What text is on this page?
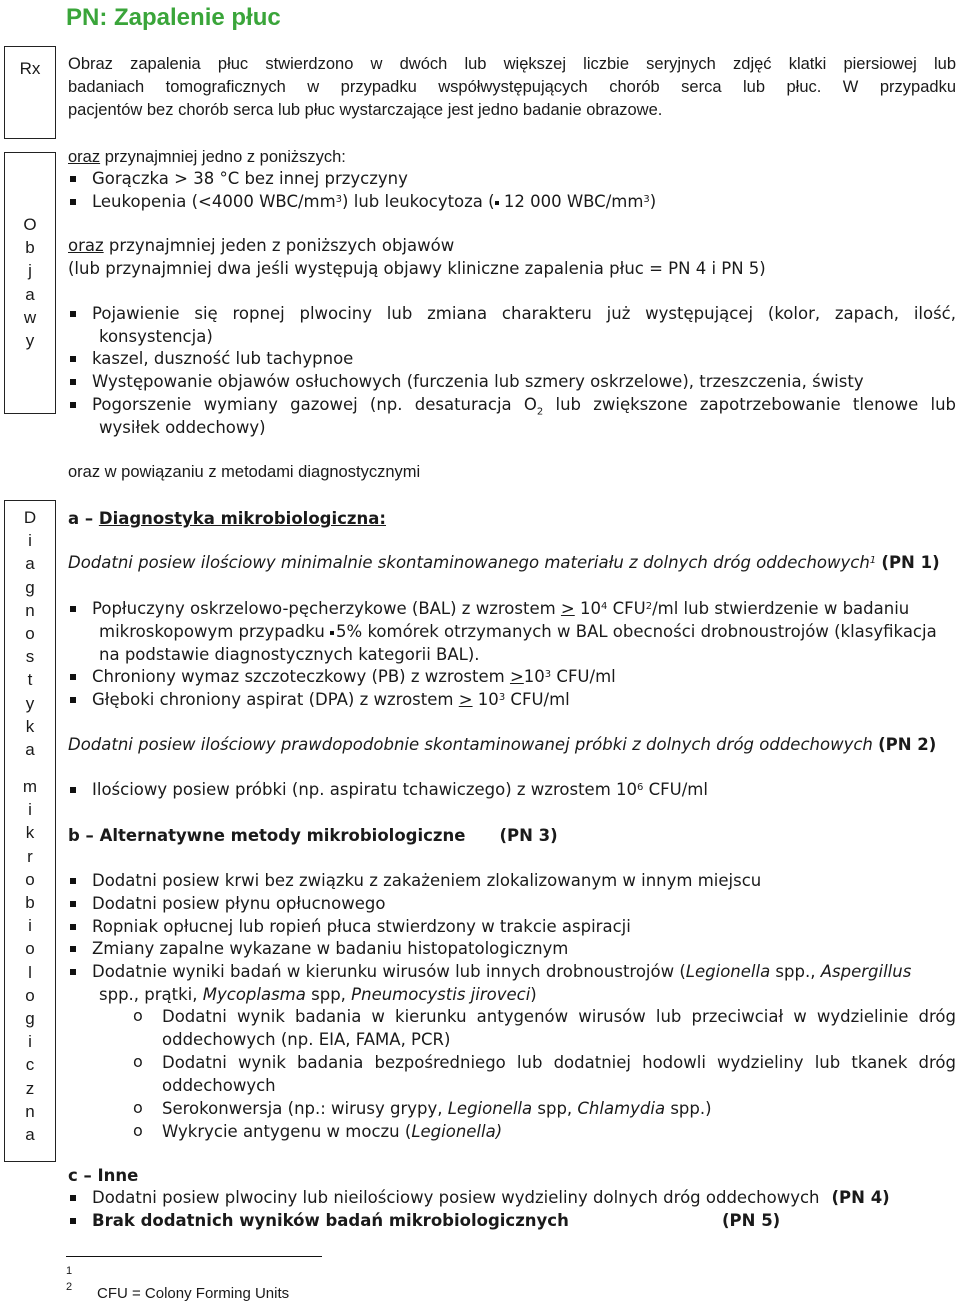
PN: Zapalenie płuc
Rx
O
b
j
a
w
y
D
i
a
g
n
o
s
t
y
k
a
m
i
k
r
o
b
i
o
l
o
g
i
c
z
n
a
Obraz zapalenia płuc stwierdzono w dwóch lub większej liczbie seryjnych zdjęć klatki piersiowej lub
badaniach tomograficznych w przypadku współwystępujących chorób serca lub płuc. W przypadku
pacjentów bez chorób serca lub płuc wystarczające jest jedno badanie obrazowe.
oraz przynajmniej jedno z poniższych:
Gorączka > 38 °C bez innej przyczyny
Leukopenia (<4000 WBC/$mm^3$) lub leukocytoza ( 12 000 WBC/$mm^3$)
oraz przynajmniej jeden z poniższych objawów
(lub przynajmniej dwa jeśli występują objawy kliniczne zapalenia płuc = PN 4 i PN 5)
Pojawienie się ropnej plwociny lub zmiana charakteru już występującej (kolor, zapach, ilość,
konsystencja)
kaszel, duszność lub tachypnoe
Występowanie objawów osłuchowych (furczenia lub szmery oskrzelowe), trzeszczenia, świsty
Pogorszenie wymiany gazowej (np. desaturacja $O_2$ lub zwiększone zapotrzebowanie tlenowe lub
wysiłek oddechowy)
oraz w powiązaniu z metodami diagnostycznymi
a – Diagnostyka mikrobiologiczna:
Dodatni posiew ilościowy minimalnie skontaminowanego materiału z dolnych dróg oddechowych$^1$ (PN 1)
Popłuczyny oskrzelowo-pęcherzykowe (BAL) z wzrostem > $10^4$ CFU$^2$/ml lub stwierdzenie w badaniu
mikroskopowym przypadku 5% komórek otrzymanych w BAL obecności drobnoustrojów (klasyfikacja
na podstawie diagnostycznych kategorii BAL).
Chroniony wymaz szczoteczkowy (PB) z wzrostem $>10^3$ CFU/ml
Głęboki chroniony aspirat (DPA) z wzrostem > $10^3$ CFU/ml
Dodatni posiew ilościowy prawdopodobnie skontaminowanej próbki z dolnych dróg oddechowych (PN 2)
Ilościowy posiew próbki (np. aspiratu tchawiczego) z wzrostem $10^6$ CFU/ml
b – Alternatywne metody mikrobiologiczne (PN 3)
Dodatni posiew krwi bez związku z zakażeniem zlokalizowanym w innym miejscu
Dodatni posiew płynu opłucnowego
Ropniak opłucnej lub ropień płuca stwierdzony w trakcie aspiracji
Zmiany zapalne wykazane w badaniu histopatologicznym
Dodatnie wyniki badań w kierunku wirusów lub innych drobnoustrojów (Legionella spp., Aspergillus
spp., prątki, Mycoplasma spp, Pneumocystis jiroveci)
o Dodatni wynik badania w kierunku antygenów wirusów lub przeciwciał w wydzielinie dróg
oddechowych (np. EIA, FAMA, PCR)
o Dodatni wynik badania bezpośredniego lub dodatniej hodowli wydzieliny lub tkanek dróg
oddechowych
o Serokonwersja (np.: wirusy grypy, Legionella spp, Chlamydia spp.)
o Wykrycie antygenu w moczu (Legionella)
c – Inne
Dodatni posiew plwociny lub nieilościowy posiew wydzieliny dolnych dróg oddechowych (PN 4)
Brak dodatnich wyników badań mikrobiologicznych	(PN 5)
1
2 CFU = Colony Forming Units
